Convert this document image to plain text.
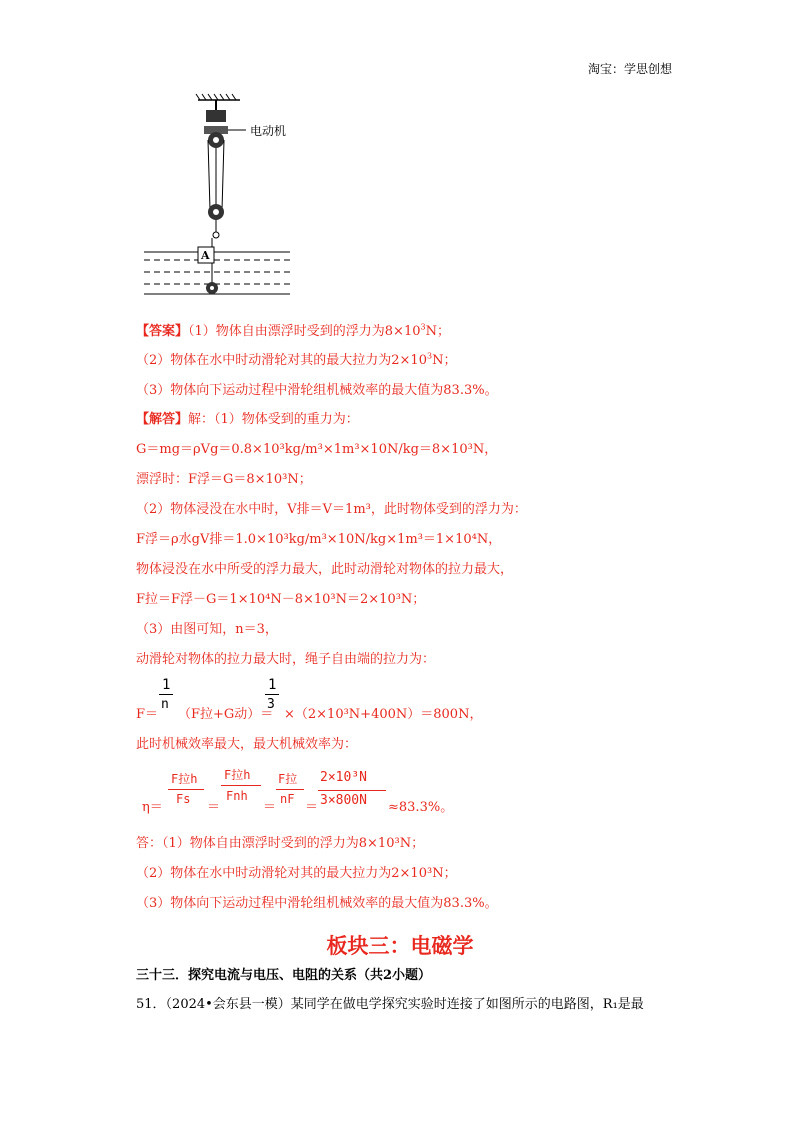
淘宝：学思创想
电动机
A
【答案】（1）物体自由漂浮时受到的浮力为$8\times 10^3N$；
（2）物体在水中时动滑轮对其的最大拉力为$2\times 10^3N$；
（3）物体向下运动过程中滑轮组机械效率的最大值为83.3%。
【解答】解：（1）物体受到的重力为：
G＝mg＝ρVg＝0.8×10³kg/m³×1m³×10N/kg＝8×10³N，
漂浮时：F浮＝G＝8×10³N；
（2）物体浸没在水中时，V排＝V＝1m³，此时物体受到的浮力为：
F浮＝ρ水gV排＝1.0×10³kg/m³×10N/kg×1m³＝1×10⁴N，
物体浸没在水中所受的浮力最大，此时动滑轮对物体的拉力最大，
F拉＝F浮－G＝1×10⁴N－8×10³N＝2×10³N；
（3）由图可知，n＝3，
动滑轮对物体的拉力最大时，绳子自由端的拉力为：
1
n
1
3
F＝ （F拉+G动）＝ ×（2×10³N+400N）＝800N，
此时机械效率最大，最大机械效率为：
η＝
F拉h
Fs
＝
F拉h
Fnh
＝
F拉
nF
＝
2×10³N
3×800N ≈83.3%。
答：（1）物体自由漂浮时受到的浮力为8×10³N；
（2）物体在水中时动滑轮对其的最大拉力为2×10³N；
（3）物体向下运动过程中滑轮组机械效率的最大值为83.3%。
板块三：电磁学
三十三．探究电流与电压、电阻的关系（共2小题）
51．（2024•会东县一模）某同学在做电学探究实验时连接了如图所示的电路图，R₁是最
